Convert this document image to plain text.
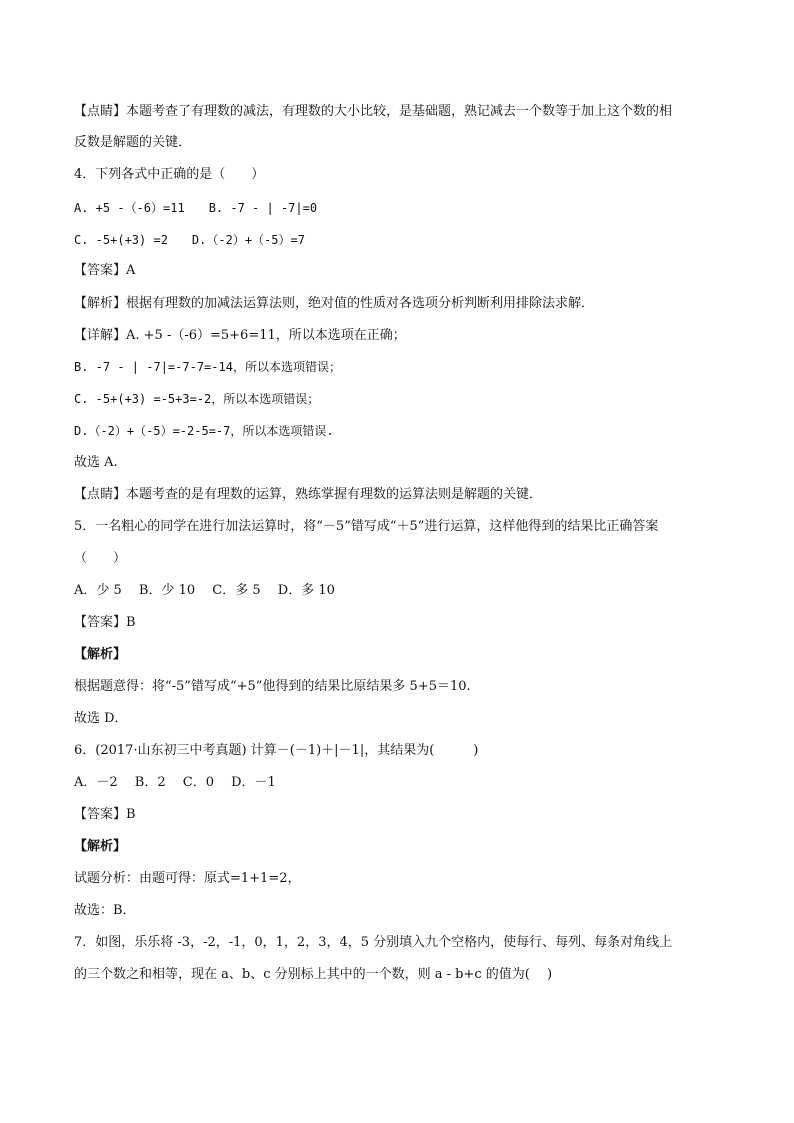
【点睛】本题考查了有理数的减法，有理数的大小比较，是基础题，熟记减去一个数等于加上这个数的相
反数是解题的关键．
4．下列各式中正确的是（　　）
A. +5 -（-6）=11　　B. -7 - | -7|=0
C. -5+(+3) =2　　D.（-2）+（-5）=7
【答案】A
【解析】根据有理数的加减法运算法则，绝对值的性质对各选项分析判断利用排除法求解．
【详解】A. +5 -（-6）=5+6=11，所以本选项在正确；
B. -7 - | -7|=-7-7=-14，所以本选项错误；
C. -5+(+3) =-5+3=-2，所以本选项错误；
D.（-2）+（-5）=-2-5=-7，所以本选项错误.
故选 A.
【点睛】本题考查的是有理数的运算，熟练掌握有理数的运算法则是解题的关键．
5．一名粗心的同学在进行加法运算时，将“－5”错写成“＋5”进行运算，这样他得到的结果比正确答案
（　　）
A．少 5　 B．少 10　 C．多 5　 D．多 10
【答案】B
【解析】
根据题意得：将“-5”错写成“+5”他得到的结果比原结果多 5+5＝10.
故选 D．
6．(2017·山东初三中考真题) 计算－(－1)＋|－1|，其结果为(　　　)
A．－2　 B．2　 C．0　 D．－1
【答案】B
【解析】
试题分析：由题可得：原式=1+1=2，
故选：B．
7．如图，乐乐将 -3，-2，-1，0，1，2，3，4，5 分别填入九个空格内，使每行、每列、每条对角线上
的三个数之和相等，现在 a、b、c 分别标上其中的一个数，则 a - b+c 的值为(　 )
